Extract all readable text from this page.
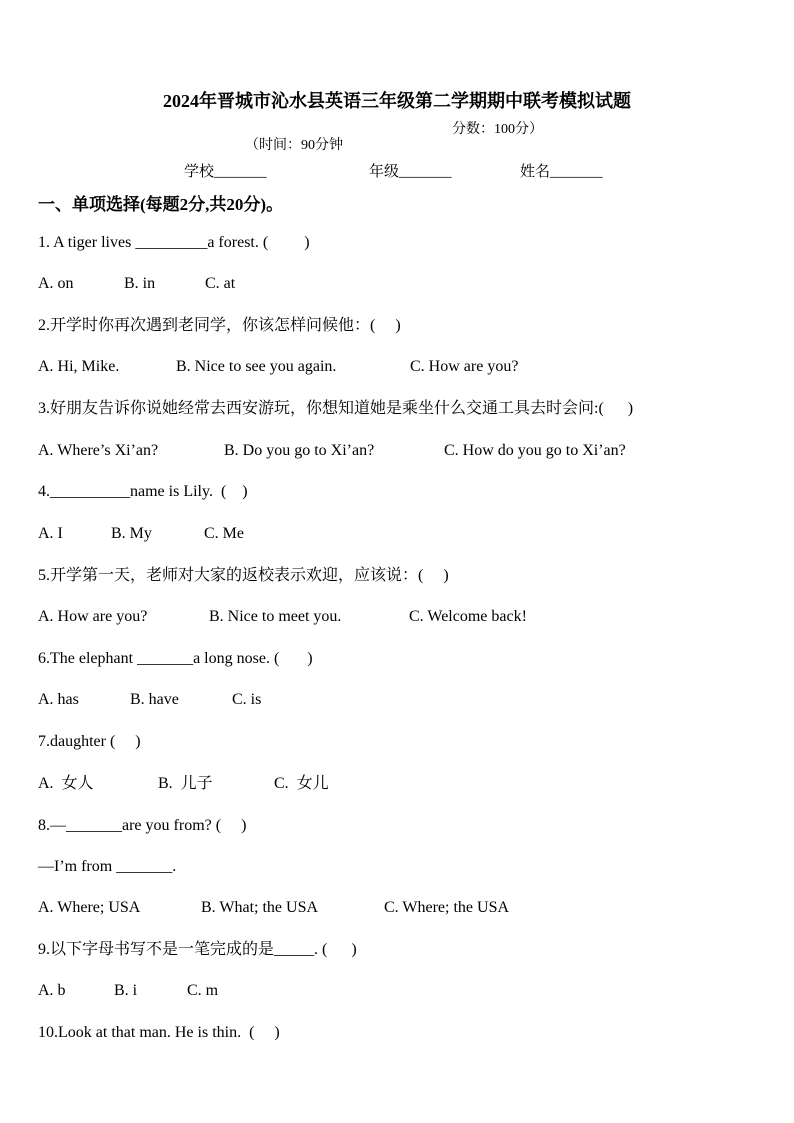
2024年晋城市沁水县英语三年级第二学期期中联考模拟试题

（时间：90分钟

分数：100分）

学校_______	年级_______	姓名_______
一、单项选择(每题2分,共20分)。
1. A tiger lives _________a forest. (         )

A. on

	B. in

	C. at

2.开学时你再次遇到老同学，你该怎样问候他：(     )

A. Hi, Mike.

	B. Nice to see you again.

	C. How are you?

3.好朋友告诉你说她经常去西安游玩，你想知道她是乘坐什么交通工具去时会问:(      )

A. Where’s Xi’an?

	B. Do you go to Xi’an?

	C. How do you go to Xi’an?

4.__________name is Lily.  (    )

A. I

	B. My

	C. Me

5.开学第一天，老师对大家的返校表示欢迎，应该说：(     )

A. How are you?

	B. Nice to meet you.

	C. Welcome back!

6.The elephant _______a long nose. (       )

A. has

	B. have

	C. is

7.daughter (     )

A.  女人

	B.  儿子

	C.  女儿

8.—_______are you from? (     )
—I’m from _______.

A. Where; USA

	B. What; the USA

	C. Where; the USA

9.以下字母书写不是一笔完成的是_____. (      )

A. b

	B. i

	C. m

10.Look at that man. He is thin.  (     )
